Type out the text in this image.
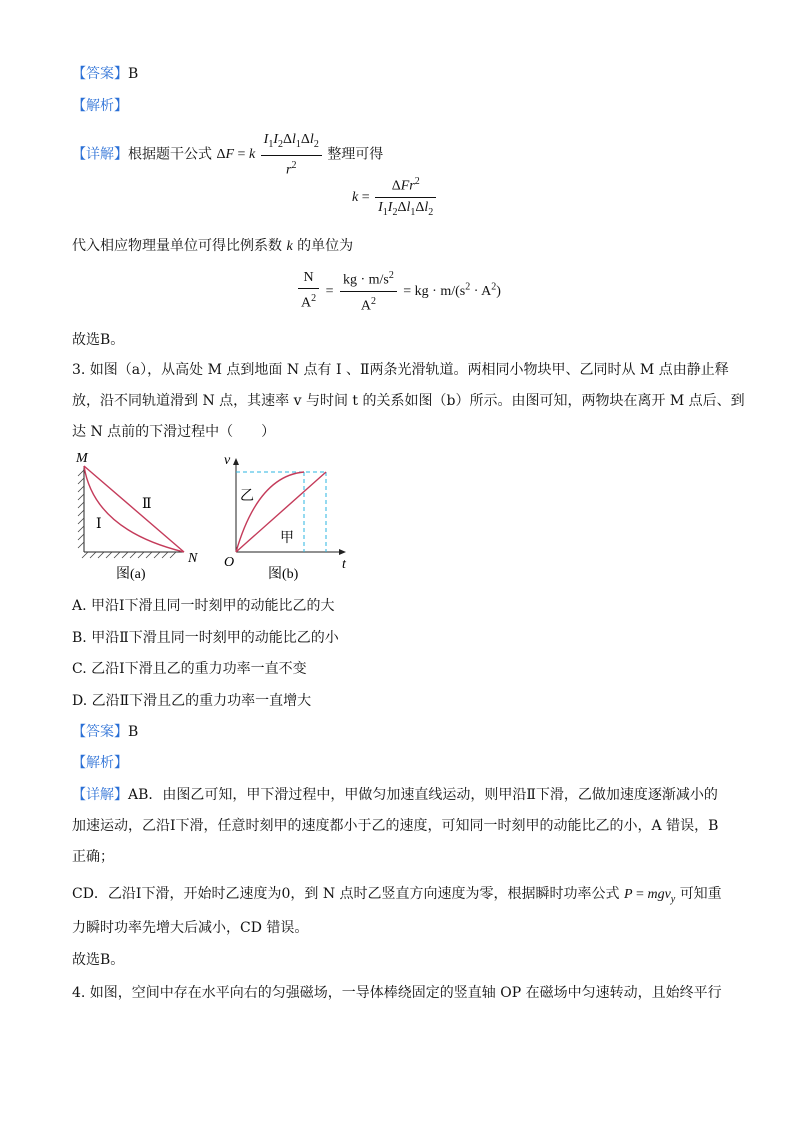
【答案】B
【解析】
【详解】根据题干公式 ΔF = k $\frac{I_1I_2\Delta l_1\Delta l_2}{r^2}$ 整理可得
$k = \frac{\Delta Fr^2}{I_1I_2\Delta l_1\Delta l_2}$
代入相应物理量单位可得比例系数 k 的单位为
$\frac{N}{A^2} = \frac{kg \cdot m/s^2}{A^2}$ = kg · $m/(s^2 \cdot A^2)$
故选B。
3. 如图（a），从高处 M 点到地面 N 点有 Ⅰ 、Ⅱ两条光滑轨道。两相同小物块甲、乙同时从 M 点由静止释
放，沿不同轨道滑到 N 点，其速率 v 与时间 t 的关系如图（b）所示。由图可知，两物块在离开 M 点后、到
达 N 点前的下滑过程中（　　）
M
N
Ⅰ
Ⅱ
图(a)
v
t
O
乙
甲
图(b)
A. 甲沿Ⅰ下滑且同一时刻甲的动能比乙的大
B. 甲沿Ⅱ下滑且同一时刻甲的动能比乙的小
C. 乙沿Ⅰ下滑且乙的重力功率一直不变
D. 乙沿Ⅱ下滑且乙的重力功率一直增大
【答案】B
【解析】
【详解】AB．由图乙可知，甲下滑过程中，甲做匀加速直线运动，则甲沿Ⅱ下滑，乙做加速度逐渐减小的
加速运动，乙沿Ⅰ下滑，任意时刻甲的速度都小于乙的速度，可知同一时刻甲的动能比乙的小，A 错误，B
正确；
CD．乙沿Ⅰ下滑，开始时乙速度为0，到 N 点时乙竖直方向速度为零，根据瞬时功率公式 P = mgv$_y$ 可知重
力瞬时功率先增大后减小，CD 错误。
故选B。
4. 如图，空间中存在水平向右的匀强磁场，一导体棒绕固定的竖直轴 OP 在磁场中匀速转动，且始终平行
